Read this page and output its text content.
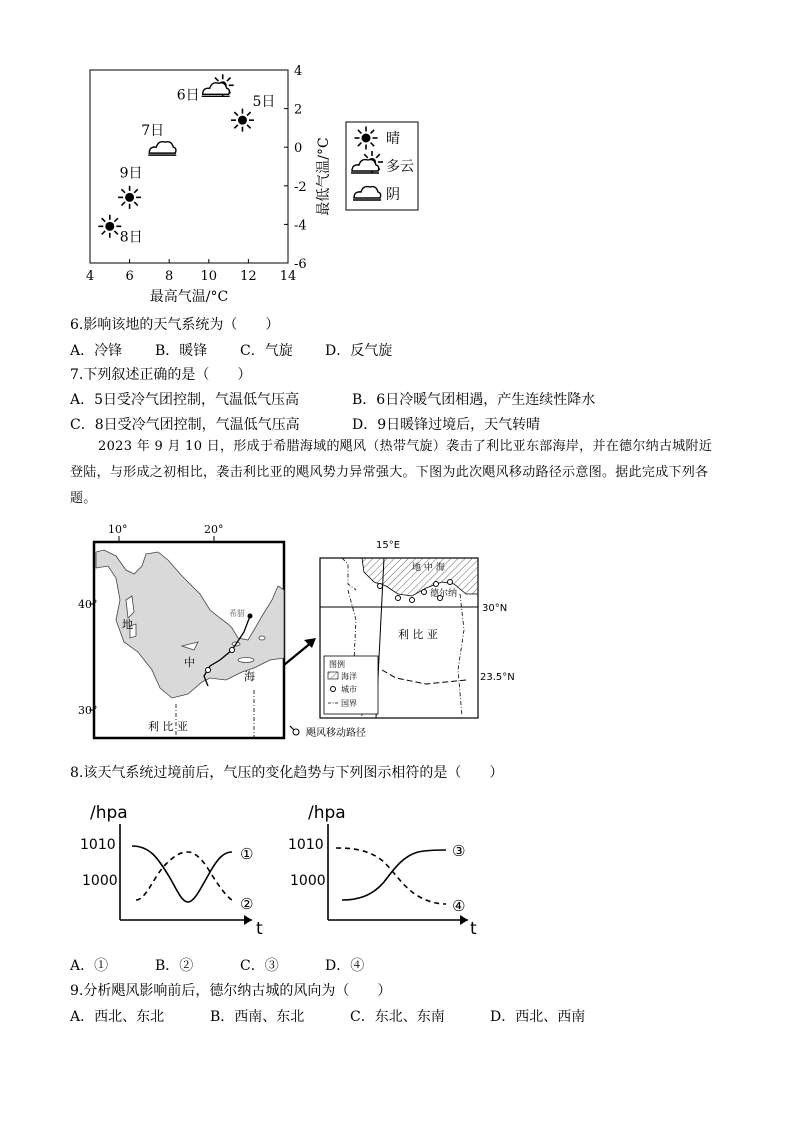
4 6 8 10 12 14
4
2
0
-2
-4
-6
最高气温/°C
最低气温/°C
5日
6日
7日
8日
9日
晴
多云
阴
6.影响该地的天气系统为（　　）
A．冷锋 B．暖锋 C．气旋 D．反气旋
7.下列叙述正确的是（　　）
A．5日受冷气团控制，气温低气压高	B．6日冷暖气团相遇，产生连续性降水
C．8日受冷气团控制，气温低气压高	D．9日暖锋过境后，天气转晴
2023 年 9 月 10 日，形成于希腊海域的飓风（热带气旋）袭击了利比亚东部海岸，并在德尔纳古城附近登陆，与形成之初相比，袭击利比亚的飓风势力异常强大。下图为此次飓风移动路径示意图。据此完成下列各题。
10°	20°
地
中
海
希腊
利 比 亚
40°
30°
飓风移动路径
15°E
地 中 海
德尔纳
30°N
利 比 亚
23.5°N
图例
海洋
城市
国界
8.该天气系统过境前后，气压的变化趋势与下列图示相符的是（　　）
/hpa
1010
1000
t
①
②
/hpa
1010
1000
t
③
④
A．①	B．②	C．③	D．④
9.分析飓风影响前后，德尔纳古城的风向为（　　）
A．西北、东北	B．西南、东北	C．东北、东南	D．西北、西南
